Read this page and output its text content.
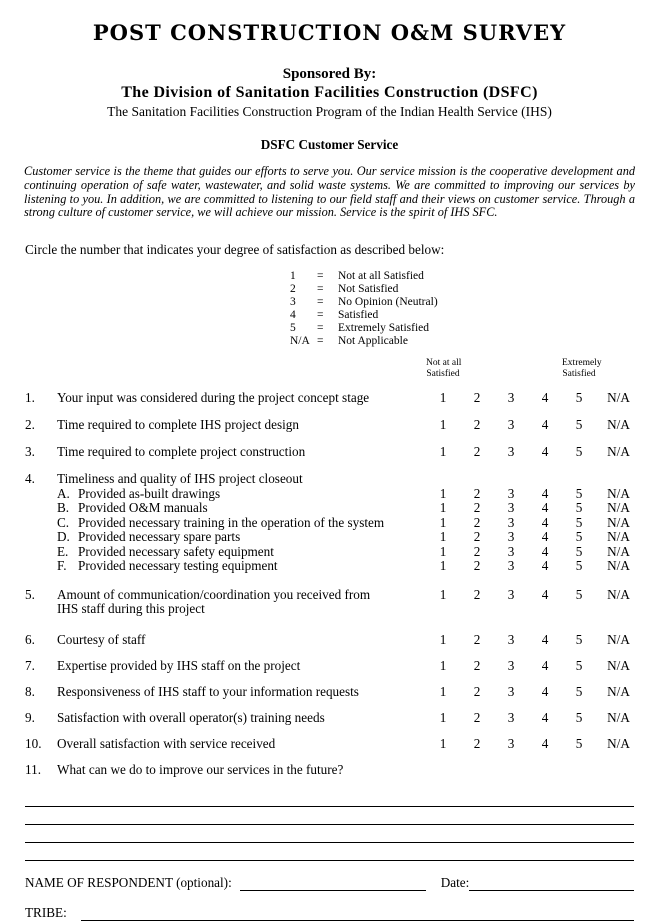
POST CONSTRUCTION O&M SURVEY
Sponsored By:
The Division of Sanitation Facilities Construction (DSFC)
The Sanitation Facilities Construction Program of the Indian Health Service (IHS)
DSFC Customer Service
Customer service is the theme that guides our efforts to serve you. Our service mission is the cooperative development and continuing operation of safe water, wastewater, and solid waste systems. We are committed to improving our services by listening to you. In addition, we are committed to listening to our field staff and their views on customer service. Through a strong culture of customer service, we will achieve our mission. Service is the spirit of IHS SFC.
Circle the number that indicates your degree of satisfaction as described below:
1	=	Not at all Satisfied
2	=	Not Satisfied
3	=	No Opinion (Neutral)
4	=	Satisfied
5	=	Extremely Satisfied
N/A =	Not Applicable
Not at all
Satisfied
Extremely
Satisfied
1.	Your input was considered during the project concept stage	1	2	3	4	5	N/A
2.	Time required to complete IHS project design	1	2	3	4	5	N/A
3.	Time required to complete project construction	1	2	3	4	5	N/A
4.	Timeliness and quality of IHS project closeout
A. Provided as-built drawings	1	2	3	4	5	N/A
B. Provided O&M manuals	1	2	3	4	5	N/A
C. Provided necessary training in the operation of the system	1	2	3	4	5	N/A
D. Provided necessary spare parts	1	2	3	4	5	N/A
E. Provided necessary safety equipment	1	2	3	4	5	N/A
F. Provided necessary testing equipment	1	2	3	4	5	N/A
5.	Amount of communication/coordination you received from
IHS staff during this project
1	2	3	4	5	N/A
6.	Courtesy of staff	1	2	3	4	5	N/A
7.	Expertise provided by IHS staff on the project	1	2	3	4	5	N/A
8.	Responsiveness of IHS staff to your information requests	1	2	3	4	5	N/A
9.	Satisfaction with overall operator(s) training needs	1	2	3	4	5	N/A
10.	Overall satisfaction with service received	1	2	3	4	5	N/A
11.	What can we do to improve our services in the future?
NAME OF RESPONDENT (optional):	Date:
TRIBE:
